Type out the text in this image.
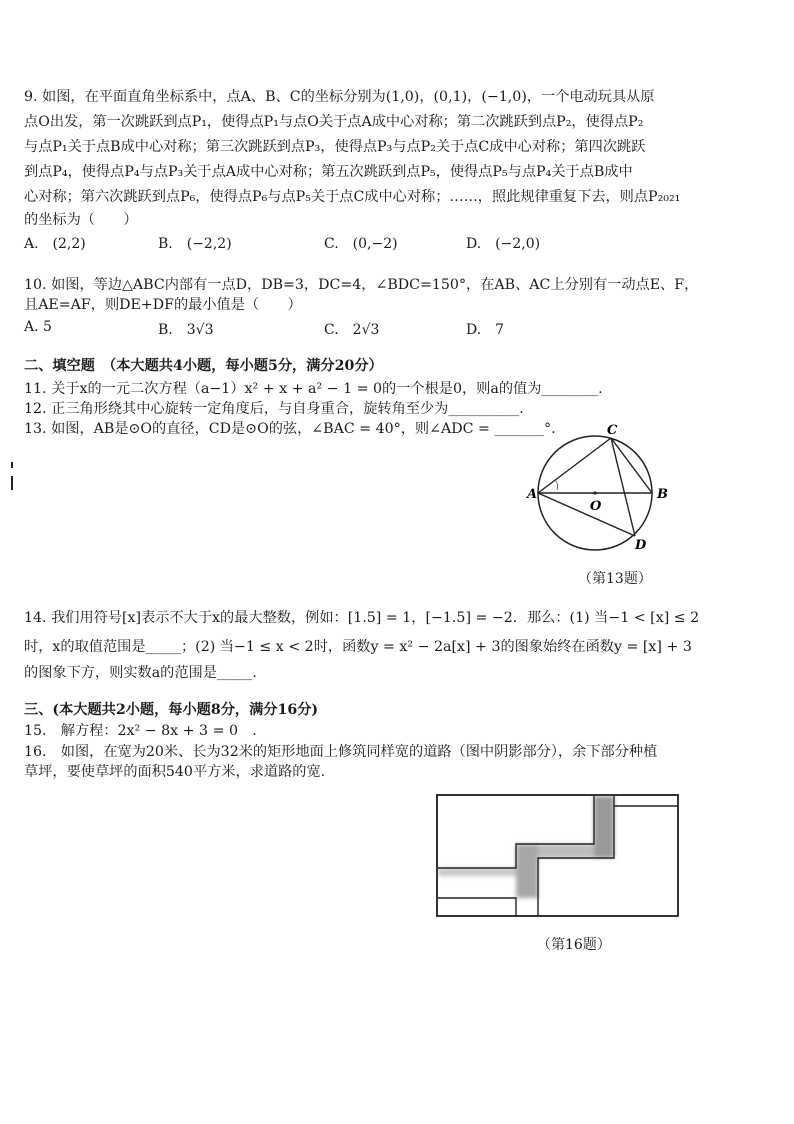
9. 如图，在平面直角坐标系中，点A、B、C的坐标分别为(1,0)，(0,1)，(−1,0)，一个电动玩具从原
点O出发，第一次跳跃到点P₁，使得点P₁与点O关于点A成中心对称；第二次跳跃到点P₂，使得点P₂
与点P₁关于点B成中心对称；第三次跳跃到点P₃，使得点P₃与点P₂关于点C成中心对称；第四次跳跃
到点P₄，使得点P₄与点P₃关于点A成中心对称；第五次跳跃到点P₅，使得点P₅与点P₄关于点B成中
心对称；第六次跳跃到点P₆，使得点P₆与点P₅关于点C成中心对称；……，照此规律重复下去，则点P₂₀₂₁
的坐标为（　　）
A.　(2,2)	B.　(−2,2)	C.　(0,−2)	D.　(−2,0)
10. 如图，等边△ABC内部有一点D，DB=3，DC=4，∠BDC=150°，在AB、AC上分别有一动点E、F，
且AE=AF，则DE+DF的最小值是（　　）
A. 5	B.　3√3	C.　2√3	D.　7
二、填空题　（本大题共4小题，每小题5分，满分20分）
11. 关于x的一元二次方程（a−1）x² + x + a² − 1 = 0的一个根是0，则a的值为________.
12. 正三角形绕其中心旋转一定角度后，与自身重合，旋转角至少为__________.
13. 如图，AB是⊙O的直径，CD是⊙O的弦，∠BAC = 40°，则∠ADC = _______°.
A	B
C
D
O
（第13题）
14. 我们用符号[x]表示不大于x的最大整数，例如：[1.5] = 1，[−1.5] = −2．那么：(1) 当−1 < [x] ≤ 2
时，x的取值范围是_____；(2) 当−1 ≤ x < 2时，函数y = x² − 2a[x] + 3的图象始终在函数y = [x] + 3
的图象下方，则实数a的范围是_____.
三、(本大题共2小题，每小题8分，满分16分)
15.　解方程：2x² − 8x + 3 = 0　.
16.　如图，在宽为20米、长为32米的矩形地面上修筑同样宽的道路（图中阴影部分），余下部分种植
草坪，要使草坪的面积540平方米，求道路的宽.
（第16题）
